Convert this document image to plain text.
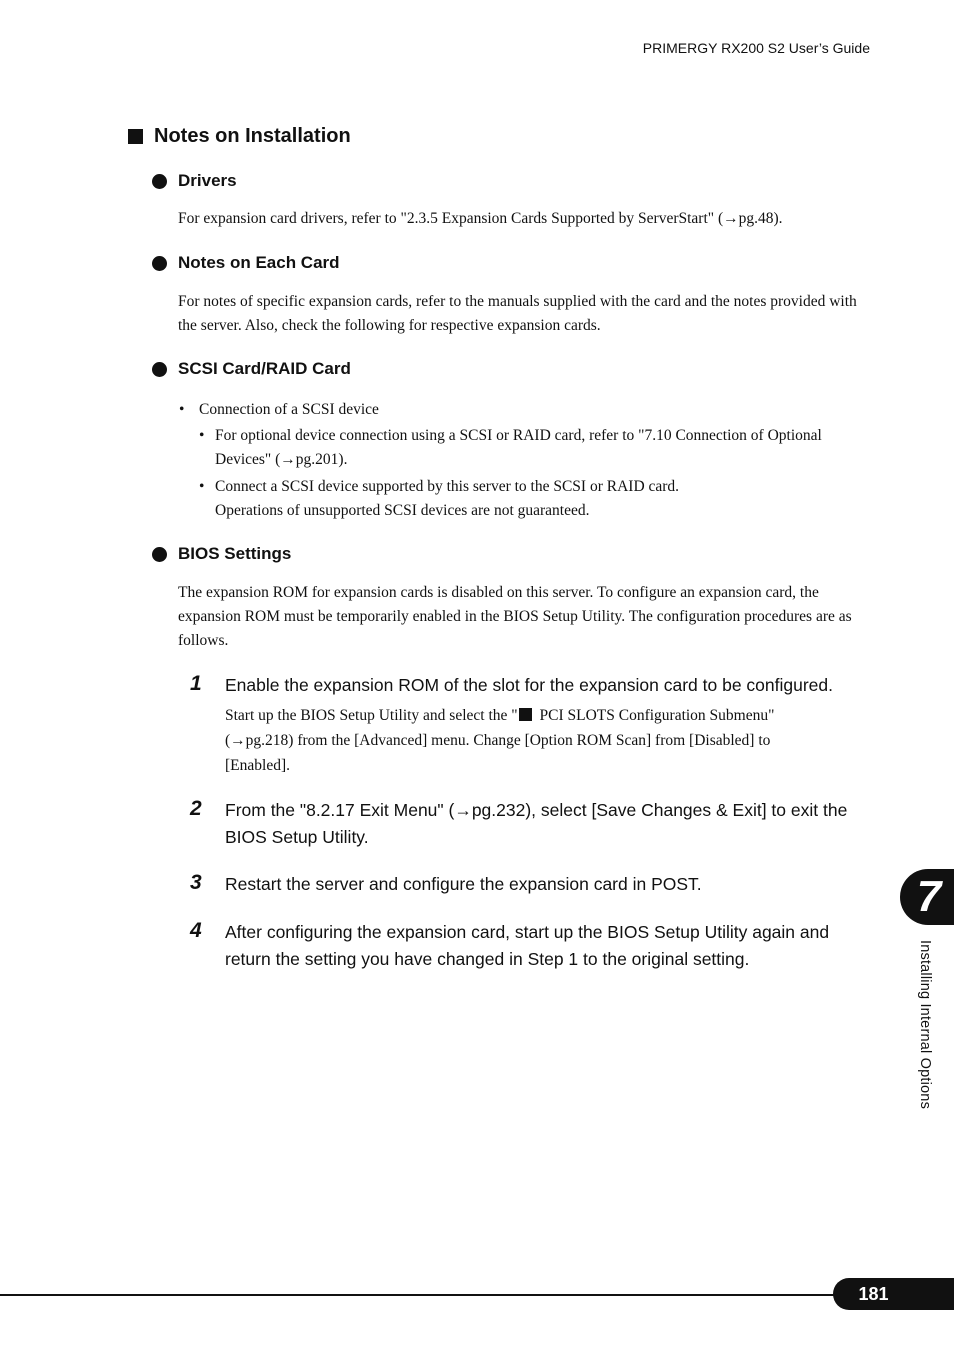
PRIMERGY RX200 S2 User’s Guide
Notes on Installation
Drivers
For expansion card drivers, refer to "2.3.5 Expansion Cards Supported by ServerStart" (→pg.48).
Notes on Each Card
For notes of specific expansion cards, refer to the manuals supplied with the card and the notes provided with the server. Also, check the following for respective expansion cards.
SCSI Card/RAID Card
• Connection of a SCSI device
• For optional device connection using a SCSI or RAID card, refer to "7.10 Connection of Optional Devices" (→pg.201).
• Connect a SCSI device supported by this server to the SCSI or RAID card.
Operations of unsupported SCSI devices are not guaranteed.
BIOS Settings
The expansion ROM for expansion cards is disabled on this server. To configure an expansion card, the expansion ROM must be temporarily enabled in the BIOS Setup Utility. The configuration procedures are as follows.
1	Enable the expansion ROM of the slot for the expansion card to be configured.
Start up the BIOS Setup Utility and select the " PCI SLOTS Configuration Submenu" (→pg.218) from the [Advanced] menu. Change [Option ROM Scan] from [Disabled] to [Enabled].
2	From the "8.2.17 Exit Menu" (→pg.232), select [Save Changes & Exit] to exit the BIOS Setup Utility.
3	Restart the server and configure the expansion card in POST.
4	After configuring the expansion card, start up the BIOS Setup Utility again and return the setting you have changed in Step 1 to the original setting.
7
Installing Internal Options
181
